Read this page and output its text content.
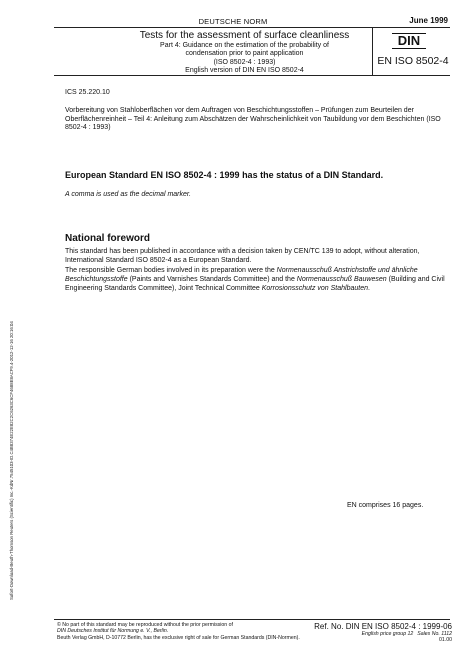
DEUTSCHE NORM	June 1999
Tests for the assessment of surface cleanliness
Part 4: Guidance on the estimation of the probability of
condensation prior to paint application
(ISO 8502-4 : 1993)
English version of DIN EN ISO 8502-4
DIN
EN ISO 8502-4
Sofort-Download-Beuth-Thomson Reuters (Scientific) Inc.-KdNr.7545103-ID.C4B8374E22E82C2C6263C6CF4688E8ACF9.4-2012-12-16 20:16:04
ICS 25.220.10
Vorbereitung von Stahloberflächen vor dem Auftragen von Beschichtungsstoffen – Prüfungen zum Beurteilen der Oberflächenreinheit – Teil 4: Anleitung zum Abschätzen der Wahrscheinlichkeit von Taubildung vor dem Beschichten (ISO 8502-4 : 1993)
European Standard EN ISO 8502-4 : 1999 has the status of a DIN Standard.
A comma is used as the decimal marker.
National foreword

This standard has been published in accordance with a decision taken by CEN/TC 139 to adopt, without alteration, International Standard ISO 8502-4 as a European Standard.

The responsible German bodies involved in its preparation were the Normenausschuß Anstrichstoffe und ähnliche Beschichtungsstoffe (Paints and Varnishes Standards Committee) and the Normenausschuß Bauwesen (Building and Civil Engineering Standards Committee), Joint Technical Committee Korrosionsschutz von Stahlbauten.

EN comprises 16 pages.
© No part of this standard may be reproduced without the prior permission of
DIN Deutsches Institut für Normung e. V., Berlin.
Beuth Verlag GmbH, D-10772 Berlin, has the exclusive right of sale for German Standards (DIN-Normen).
Ref. No. DIN EN ISO 8502-4 : 1999-06
English price group 12 Sales No. 1112
01.00
